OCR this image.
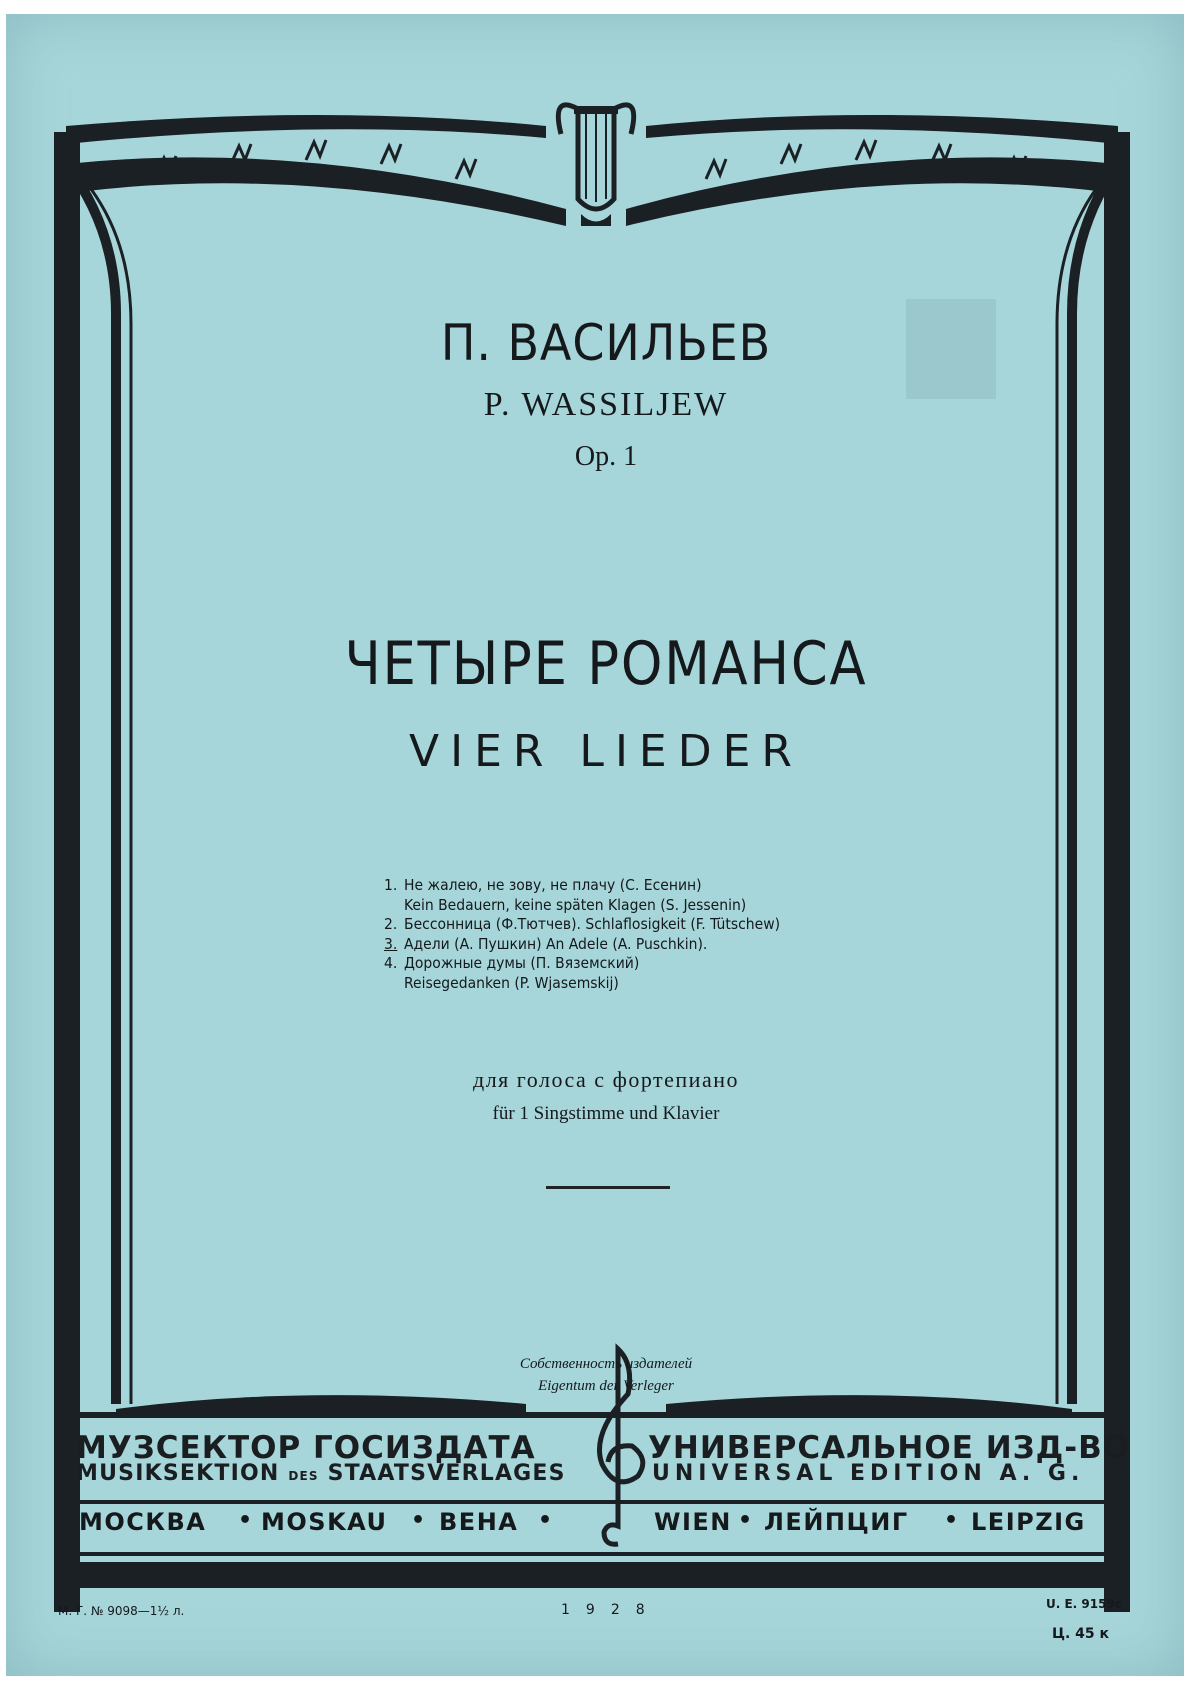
П. ВАСИЛЬЕВ
P. WASSILJEW
Op. 1
ЧЕТЫРЕ РОМАНСА
VIER LIEDER
1. Не жалею, не зову, не плачу (С. Есенин)
Kein Bedauern, keine späten Klagen (S. Jessenin)
2. Бессонница (Ф.Тютчев). Schlaflosigkeit (F. Tütschew)
3. Адели (А. Пушкин) An Adele (A. Puschkin).
4. Дорожные думы (П. Вяземский)
Reisegedanken (P. Wjasemskij)
для голоса с фортепиано
für 1 Singstimme und Klavier
Собственность издателей
Eigentum der Verleger
МУЗСЕКТОР ГОСИЗДАТА
MUSIKSEKTION DES STAATSVERLAGES
УНИВЕРСАЛЬНОЕ ИЗД-ВО
UNIVERSAL EDITION A. G.
МОСКВА • MOSKAU • ВЕНА •	WIEN • ЛЕЙПЦИГ • LEIPZIG
М. Г. № 9098—1½ л.	1928	U. E. 9159c
Ц. 45 к
